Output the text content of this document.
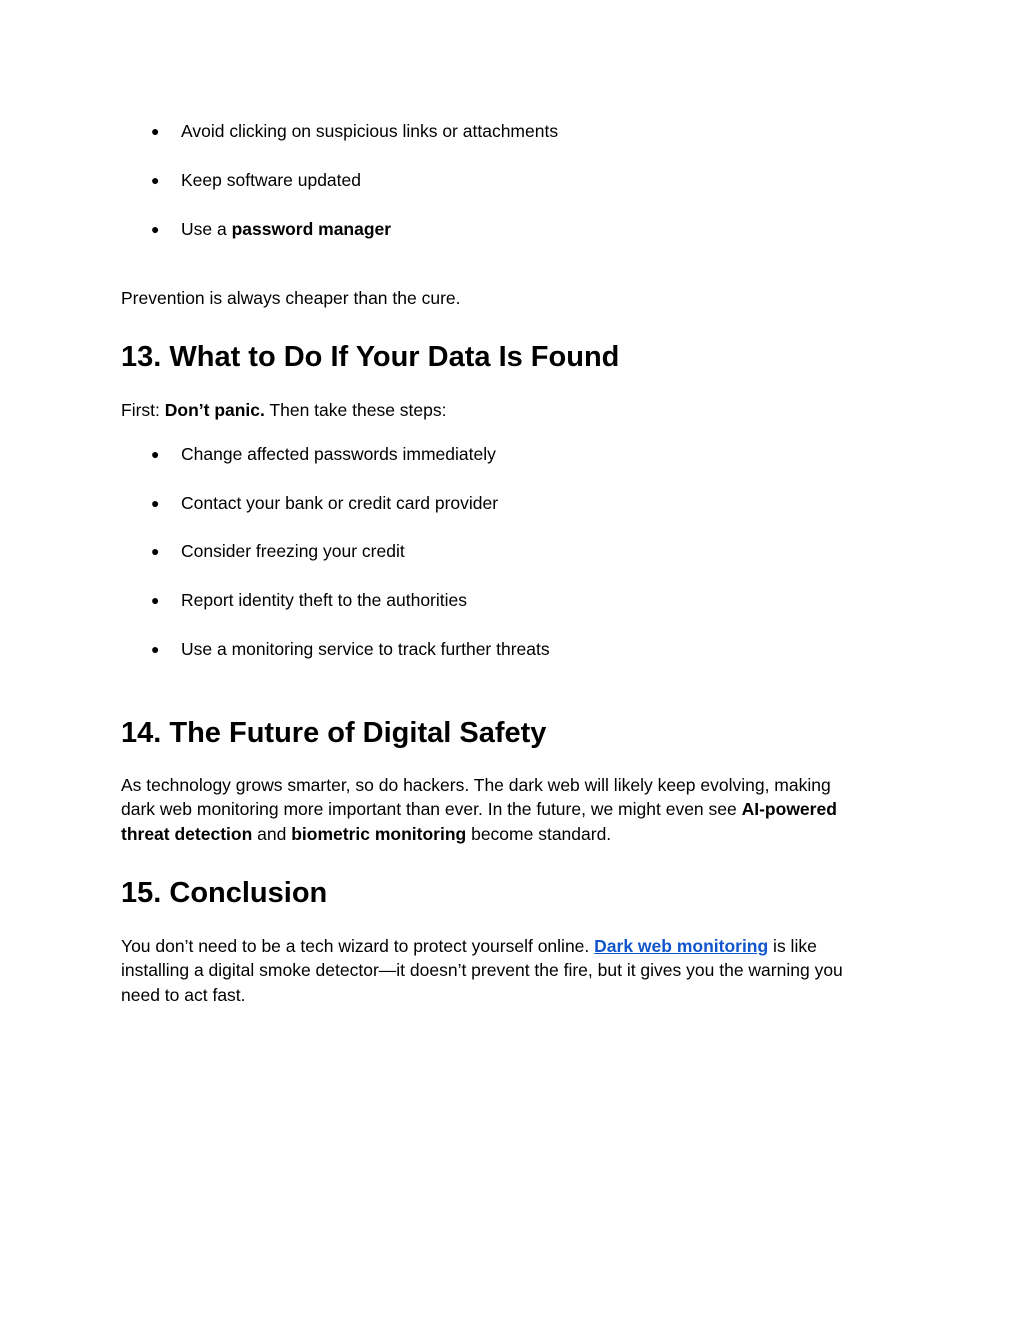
● Avoid clicking on suspicious links or attachments
● Keep software updated
● Use a password manager

Prevention is always cheaper than the cure.

13. What to Do If Your Data Is Found

First: Don’t panic. Then take these steps:

● Change affected passwords immediately
● Contact your bank or credit card provider
● Consider freezing your credit
● Report identity theft to the authorities
● Use a monitoring service to track further threats
14. The Future of Digital Safety
As technology grows smarter, so do hackers. The dark web will likely keep evolving, making
dark web monitoring more important than ever. In the future, we might even see AI-powered
threat detection and biometric monitoring become standard.
15. Conclusion
You don’t need to be a tech wizard to protect yourself online. Dark web monitoring is like
installing a digital smoke detector—it doesn’t prevent the fire, but it gives you the warning you
need to act fast.
